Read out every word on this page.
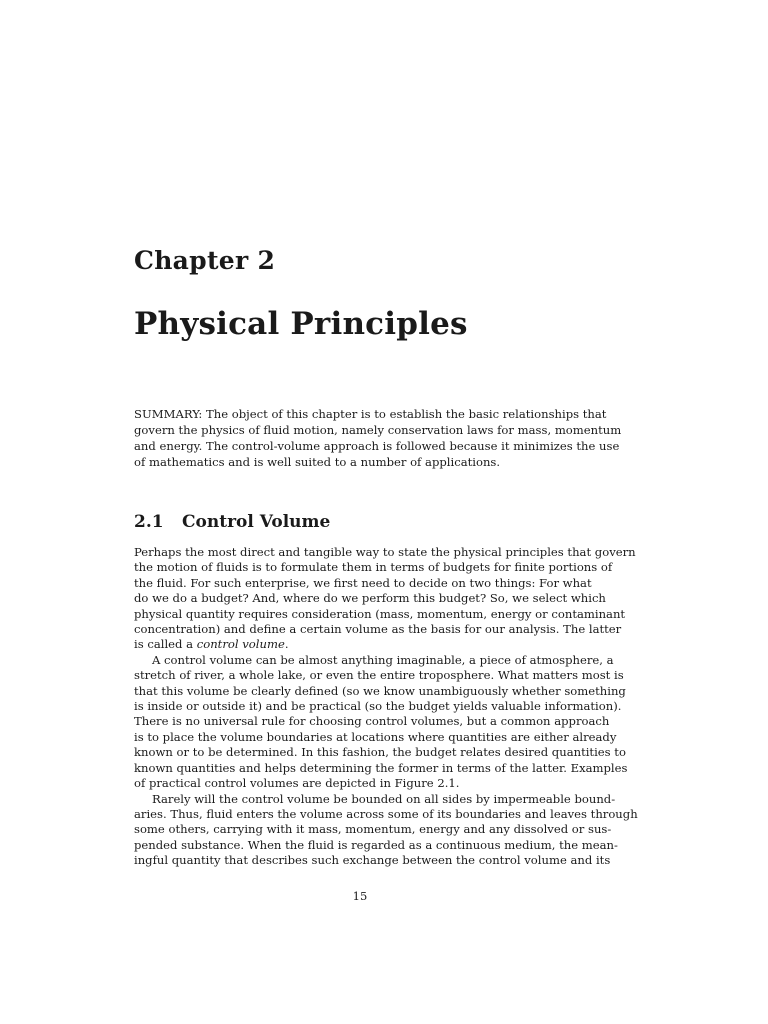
Chapter 2
Physical Principles
SUMMARY: The object of this chapter is to establish the basic relationships that
govern the physics of fluid motion, namely conservation laws for mass, momentum
and energy. The control-volume approach is followed because it minimizes the use
of mathematics and is well suited to a number of applications.
2.1 Control Volume
Perhaps the most direct and tangible way to state the physical principles that govern
the motion of fluids is to formulate them in terms of budgets for finite portions of
the fluid. For such enterprise, we first need to decide on two things: For what
do we do a budget? And, where do we perform this budget? So, we select which
physical quantity requires consideration (mass, momentum, energy or contaminant
concentration) and define a certain volume as the basis for our analysis. The latter
is called a control volume.
A control volume can be almost anything imaginable, a piece of atmosphere, a
stretch of river, a whole lake, or even the entire troposphere. What matters most is
that this volume be clearly defined (so we know unambiguously whether something
is inside or outside it) and be practical (so the budget yields valuable information).
There is no universal rule for choosing control volumes, but a common approach
is to place the volume boundaries at locations where quantities are either already
known or to be determined. In this fashion, the budget relates desired quantities to
known quantities and helps determining the former in terms of the latter. Examples
of practical control volumes are depicted in Figure 2.1.
Rarely will the control volume be bounded on all sides by impermeable bound-
aries. Thus, fluid enters the volume across some of its boundaries and leaves through
some others, carrying with it mass, momentum, energy and any dissolved or sus-
pended substance. When the fluid is regarded as a continuous medium, the mean-
ingful quantity that describes such exchange between the control volume and its
15
